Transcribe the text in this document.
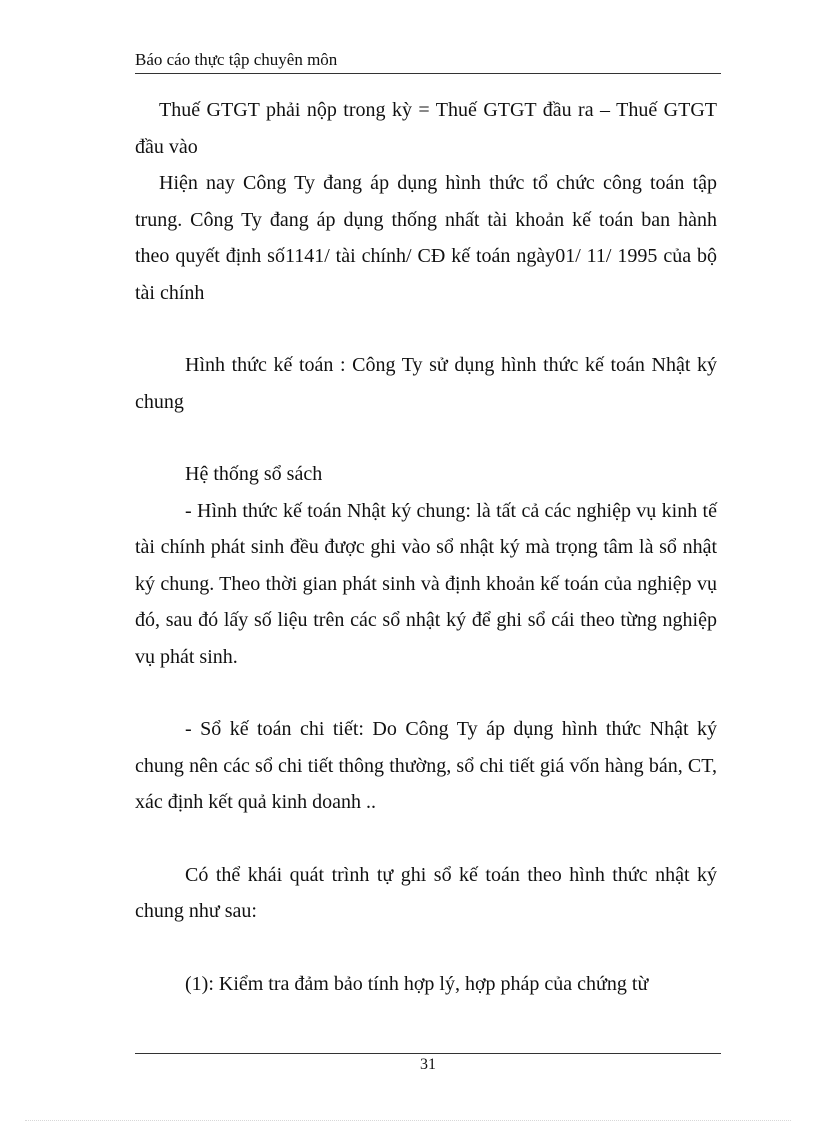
Báo cáo thực tập chuyên môn

Thuế GTGT phải nộp trong kỳ = Thuế GTGT đầu ra – Thuế GTGT đầu vào

Hiện nay Công Ty đang áp dụng hình thức tổ chức công toán tập trung. Công Ty đang áp dụng thống nhất tài khoản kế toán ban hành theo quyết định số1141/ tài chính/ CĐ kế toán ngày01/ 11/ 1995 của bộ tài chính

Hình thức kế toán : Công Ty sử dụng hình thức kế toán Nhật ký chung

Hệ thống sổ sách

- Hình thức kế toán Nhật ký chung: là tất cả các nghiệp vụ kinh tế tài chính phát sinh đều được ghi vào sổ nhật ký mà trọng tâm là sổ nhật ký chung. Theo thời gian phát sinh và định khoản kế toán của nghiệp vụ đó, sau đó lấy số liệu trên các sổ nhật ký để ghi sổ cái theo từng nghiệp vụ phát sinh.

- Sổ kế toán chi tiết: Do Công Ty áp dụng hình thức Nhật ký chung nên các sổ chi tiết thông thường, sổ chi tiết giá vốn hàng bán, CT, xác định kết quả kinh doanh ..

Có thể khái quát trình tự ghi sổ kế toán theo hình thức nhật ký chung như sau:

(1): Kiểm tra đảm bảo tính hợp lý, hợp pháp của chứng từ

31
